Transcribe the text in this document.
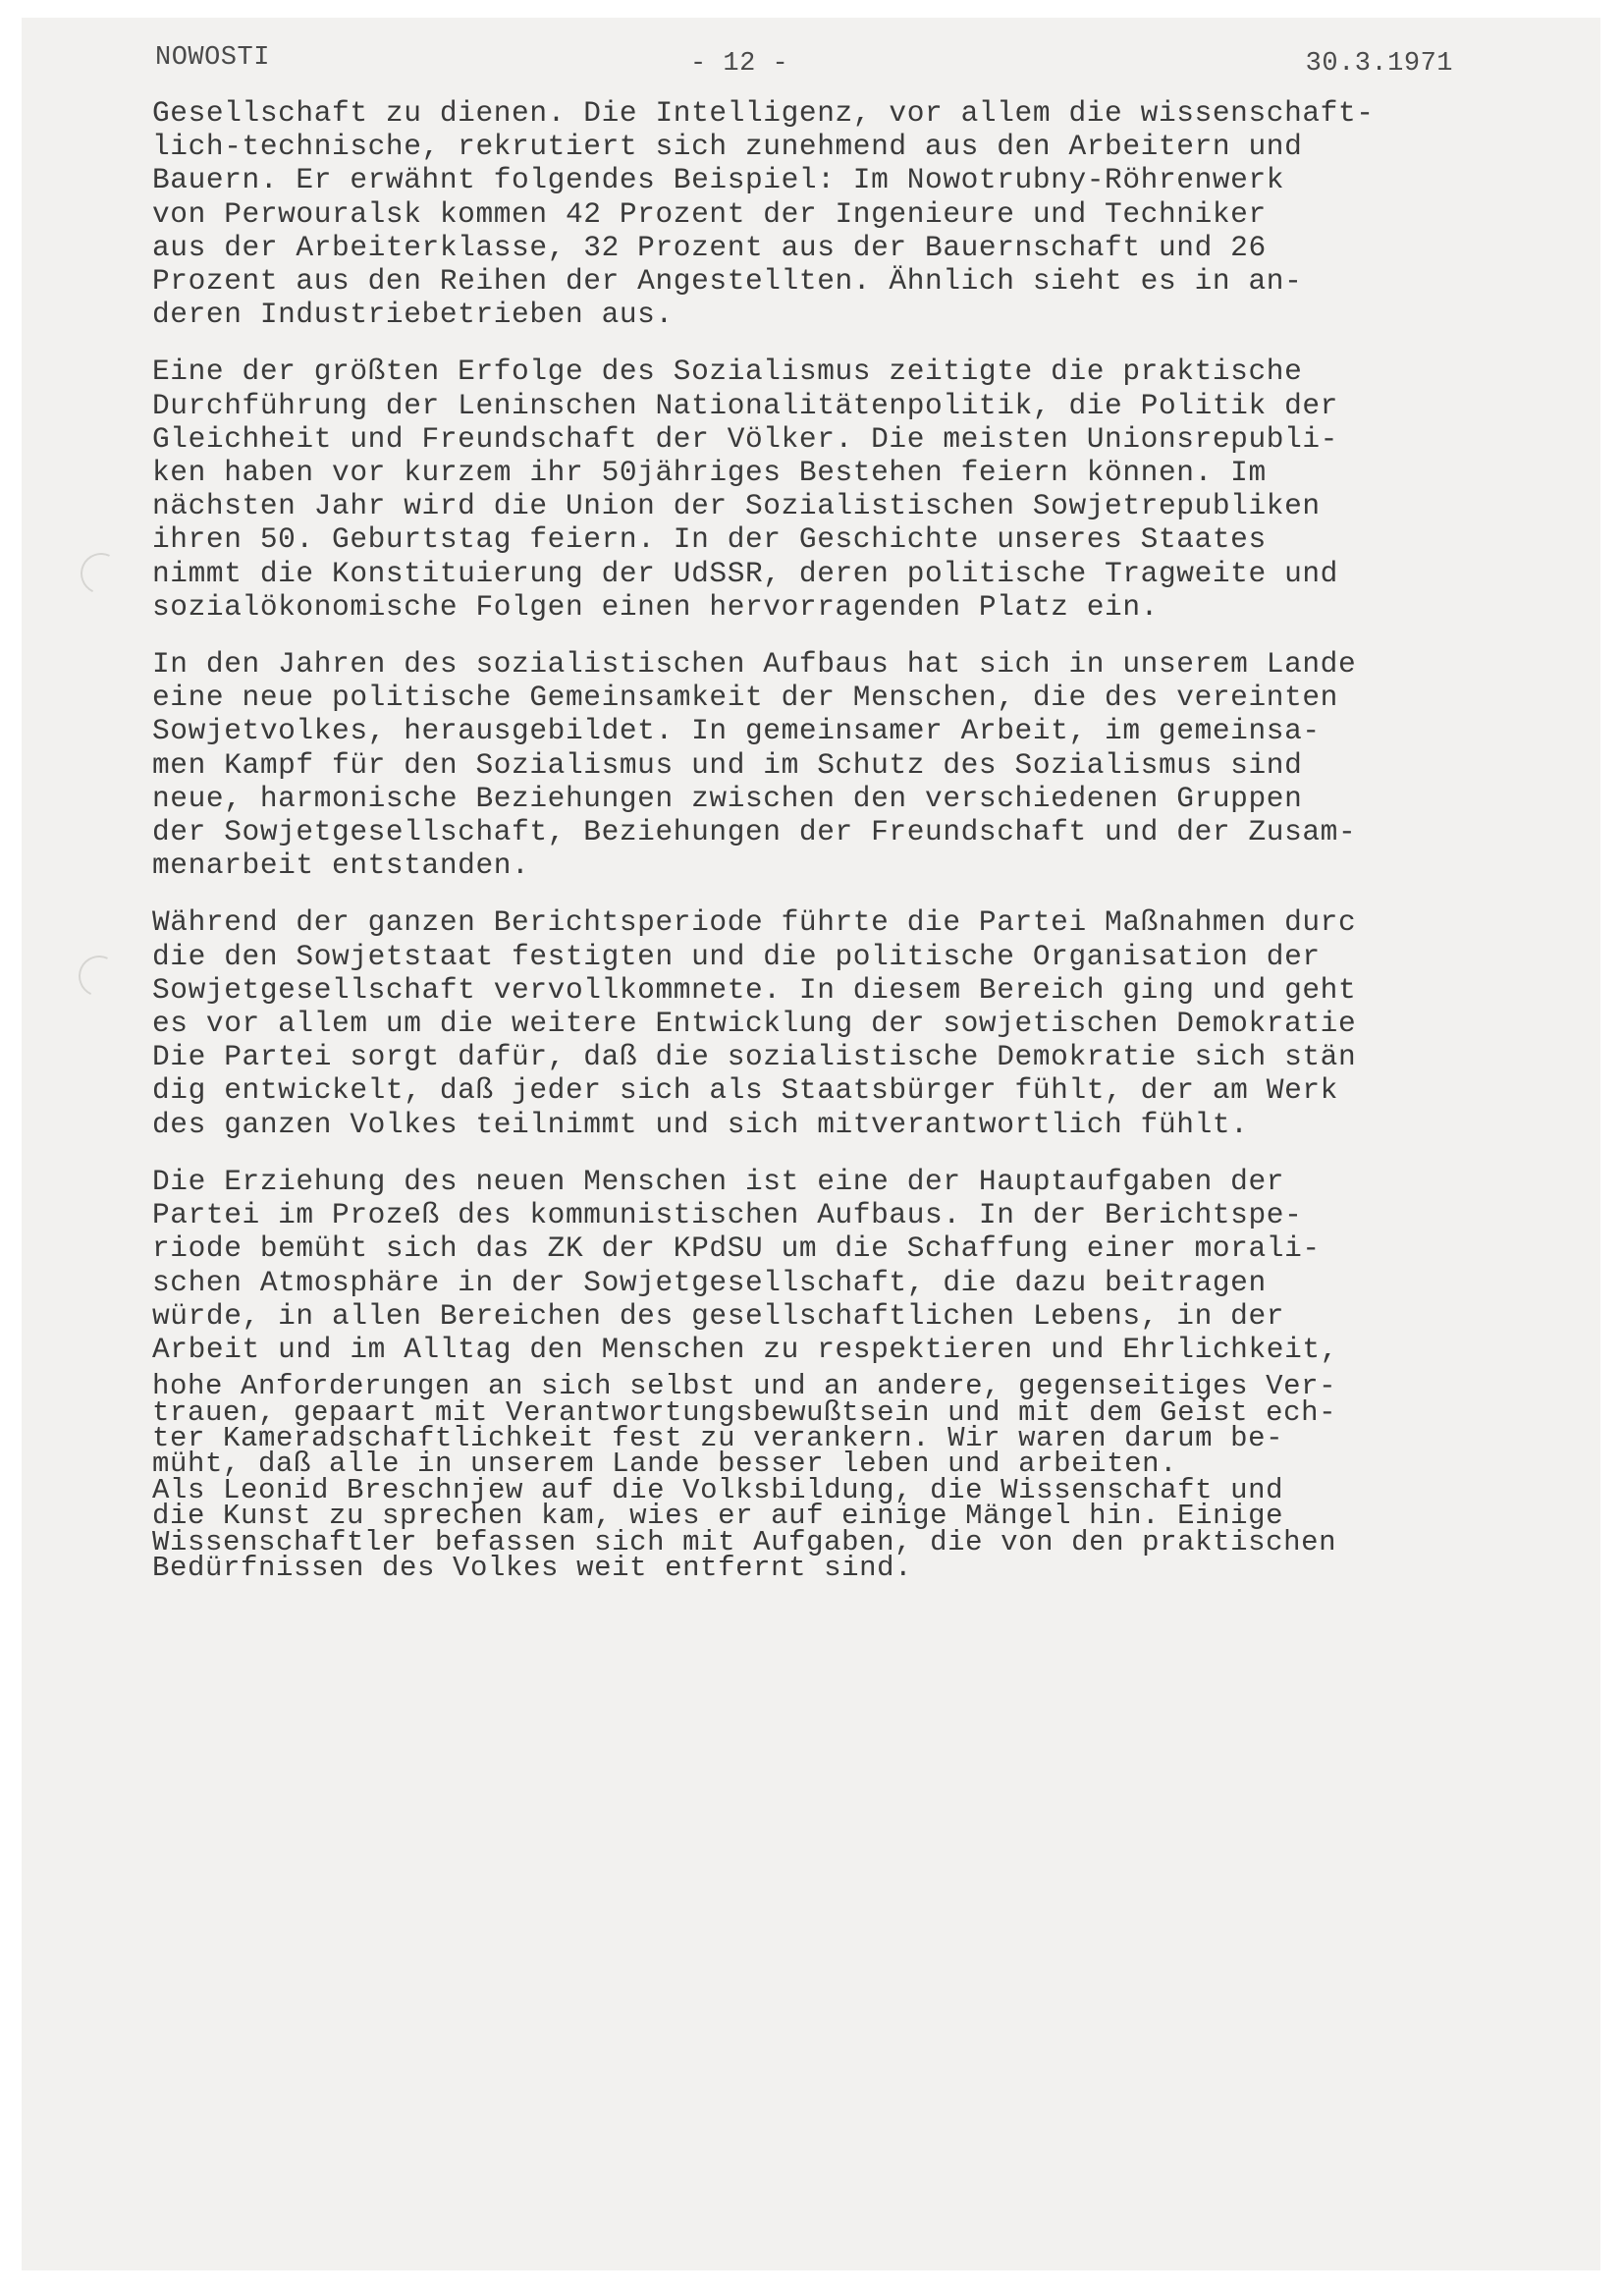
NOWOSTI	- 12 -	30.3.1971
Gesellschaft zu dienen. Die Intelligenz, vor allem die wissenschaft-
lich-technische, rekrutiert sich zunehmend aus den Arbeitern und
Bauern. Er erwähnt folgendes Beispiel: Im Nowotrubny-Röhrenwerk
von Perwouralsk kommen 42 Prozent der Ingenieure und Techniker
aus der Arbeiterklasse, 32 Prozent aus der Bauernschaft und 26
Prozent aus den Reihen der Angestellten. Ähnlich sieht es in an-
deren Industriebetrieben aus.
Eine der größten Erfolge des Sozialismus zeitigte die praktische
Durchführung der Leninschen Nationalitätenpolitik, die Politik der
Gleichheit und Freundschaft der Völker. Die meisten Unionsrepubli-
ken haben vor kurzem ihr 50jähriges Bestehen feiern können. Im
nächsten Jahr wird die Union der Sozialistischen Sowjetrepubliken
ihren 50. Geburtstag feiern. In der Geschichte unseres Staates
nimmt die Konstituierung der UdSSR, deren politische Tragweite und
sozialökonomische Folgen einen hervorragenden Platz ein.
In den Jahren des sozialistischen Aufbaus hat sich in unserem Lande
eine neue politische Gemeinsamkeit der Menschen, die des vereinten
Sowjetvolkes, herausgebildet. In gemeinsamer Arbeit, im gemeinsa-
men Kampf für den Sozialismus und im Schutz des Sozialismus sind
neue, harmonische Beziehungen zwischen den verschiedenen Gruppen
der Sowjetgesellschaft, Beziehungen der Freundschaft und der Zusam-
menarbeit entstanden.
Während der ganzen Berichtsperiode führte die Partei Maßnahmen durc
die den Sowjetstaat festigten und die politische Organisation der
Sowjetgesellschaft vervollkommnete. In diesem Bereich ging und geht
es vor allem um die weitere Entwicklung der sowjetischen Demokratie
Die Partei sorgt dafür, daß die sozialistische Demokratie sich stän
dig entwickelt, daß jeder sich als Staatsbürger fühlt, der am Werk
des ganzen Volkes teilnimmt und sich mitverantwortlich fühlt.
Die Erziehung des neuen Menschen ist eine der Hauptaufgaben der
Partei im Prozeß des kommunistischen Aufbaus. In der Berichtspe-
riode bemüht sich das ZK der KPdSU um die Schaffung einer morali-
schen Atmosphäre in der Sowjetgesellschaft, die dazu beitragen
würde, in allen Bereichen des gesellschaftlichen Lebens, in der
Arbeit und im Alltag den Menschen zu respektieren und Ehrlichkeit,
hohe Anforderungen an sich selbst und an andere, gegenseitiges Ver-
trauen, gepaart mit Verantwortungsbewußtsein und mit dem Geist ech-
ter Kameradschaftlichkeit fest zu verankern. Wir waren darum be-
müht, daß alle in unserem Lande besser leben und arbeiten.
Als Leonid Breschnjew auf die Volksbildung, die Wissenschaft und
die Kunst zu sprechen kam, wies er auf einige Mängel hin. Einige
Wissenschaftler befassen sich mit Aufgaben, die von den praktischen
Bedürfnissen des Volkes weit entfernt sind.
